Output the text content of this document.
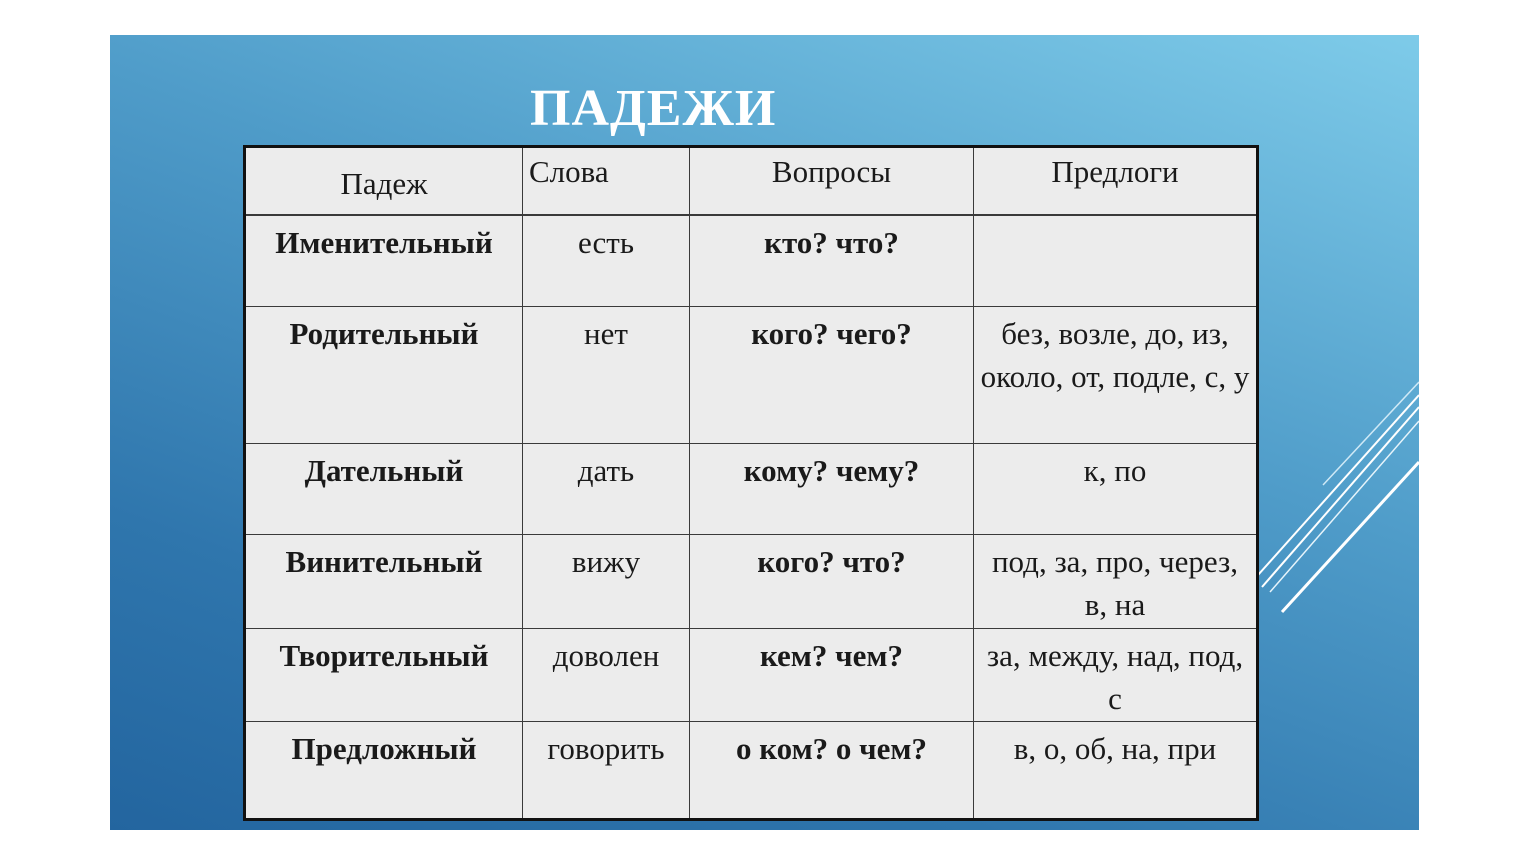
ПАДЕЖИ
Падеж	Слова	Вопросы	Предлоги
Именительный	есть	кто? что?	
Родительный	нет	кого? чего?	без, возле, до, из, около, от, подле, с, у
Дательный	дать	кому? чему?	к, по
Винительный	вижу	кого? что?	под, за, про, через, в, на
Творительный	доволен	кем? чем?	за, между, над, под, с
Предложный	говорить	о ком? о чем?	в, о, об, на, при
